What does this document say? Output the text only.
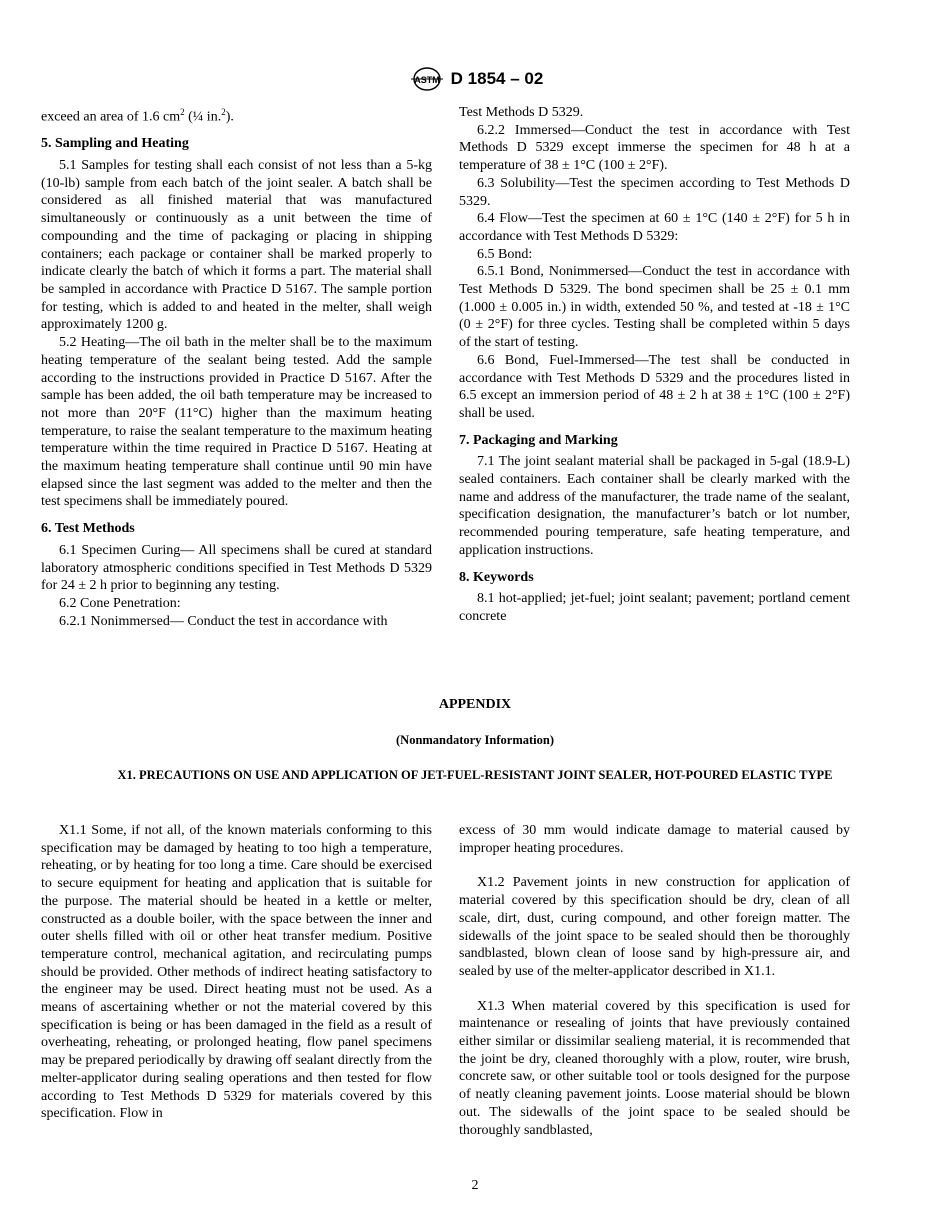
ASTM D 1854 – 02

exceed an area of 1.6 $cm^2$ (¼ in.$^2$).

5. Sampling and Heating

5.1 Samples for testing shall each consist of not less than a 5-kg (10-lb) sample from each batch of the joint sealer. A batch shall be considered as all finished material that was manufactured simultaneously or continuously as a unit between the time of compounding and the time of packaging or placing in shipping containers; each package or container shall be marked properly to indicate clearly the batch of which it forms a part. The material shall be sampled in accordance with Practice D 5167. The sample portion for testing, which is added to and heated in the melter, shall weigh approximately 1200 g.

5.2 Heating—The oil bath in the melter shall be to the maximum heating temperature of the sealant being tested. Add the sample according to the instructions provided in Practice D 5167. After the sample has been added, the oil bath temperature may be increased to not more than 20°F (11°C) higher than the maximum heating temperature, to raise the sealant temperature to the maximum heating temperature within the time required in Practice D 5167. Heating at the maximum heating temperature shall continue until 90 min have elapsed since the last segment was added to the melter and then the test specimens shall be immediately poured.

6. Test Methods

6.1 Specimen Curing— All specimens shall be cured at standard laboratory atmospheric conditions specified in Test Methods D 5329 for 24 ± 2 h prior to beginning any testing.

6.2 Cone Penetration:

6.2.1 Nonimmersed— Conduct the test in accordance with

Test Methods D 5329.

6.2.2 Immersed—Conduct the test in accordance with Test Methods D 5329 except immerse the specimen for 48 h at a temperature of 38 ± 1°C (100 ± 2°F).

6.3 Solubility—Test the specimen according to Test Methods D 5329.

6.4 Flow—Test the specimen at 60 ± 1°C (140 ± 2°F) for 5 h in accordance with Test Methods D 5329:

6.5 Bond:

6.5.1 Bond, Nonimmersed—Conduct the test in accordance with Test Methods D 5329. The bond specimen shall be 25 ± 0.1 mm (1.000 ± 0.005 in.) in width, extended 50 %, and tested at -18 ± 1°C (0 ± 2°F) for three cycles. Testing shall be completed within 5 days of the start of testing.

6.6 Bond, Fuel-Immersed—The test shall be conducted in accordance with Test Methods D 5329 and the procedures listed in 6.5 except an immersion period of 48 ± 2 h at 38 ± 1°C (100 ± 2°F) shall be used.

7. Packaging and Marking

7.1 The joint sealant material shall be packaged in 5-gal (18.9-L) sealed containers. Each container shall be clearly marked with the name and address of the manufacturer, the trade name of the sealant, specification designation, the manufacturer’s batch or lot number, recommended pouring temperature, safe heating temperature, and application instructions.

8. Keywords

8.1 hot-applied; jet-fuel; joint sealant; pavement; portland cement concrete

APPENDIX
(Nonmandatory Information)
X1. PRECAUTIONS ON USE AND APPLICATION OF JET-FUEL-RESISTANT JOINT SEALER, HOT-POURED ELASTIC TYPE

X1.1 Some, if not all, of the known materials conforming to this specification may be damaged by heating to too high a temperature, reheating, or by heating for too long a time. Care should be exercised to secure equipment for heating and application that is suitable for the purpose. The material should be heated in a kettle or melter, constructed as a double boiler, with the space between the inner and outer shells filled with oil or other heat transfer medium. Positive temperature control, mechanical agitation, and recirculating pumps should be provided. Other methods of indirect heating satisfactory to the engineer may be used. Direct heating must not be used. As a means of ascertaining whether or not the material covered by this specification is being or has been damaged in the field as a result of overheating, reheating, or prolonged heating, flow panel specimens may be prepared periodically by drawing off sealant directly from the melter-applicator during sealing operations and then tested for flow according to Test Methods D 5329 for materials covered by this specification. Flow in

excess of 30 mm would indicate damage to material caused by improper heating procedures.

X1.2 Pavement joints in new construction for application of material covered by this specification should be dry, clean of all scale, dirt, dust, curing compound, and other foreign matter. The sidewalls of the joint space to be sealed should then be thoroughly sandblasted, blown clean of loose sand by high-pressure air, and sealed by use of the melter-applicator described in X1.1.

X1.3 When material covered by this specification is used for maintenance or resealing of joints that have previously contained either similar or dissimilar sealieng material, it is recommended that the joint be dry, cleaned thoroughly with a plow, router, wire brush, concrete saw, or other suitable tool or tools designed for the purpose of neatly cleaning pavement joints. Loose material should be blown out. The sidewalls of the joint space to be sealed should be thoroughly sandblasted,

2
